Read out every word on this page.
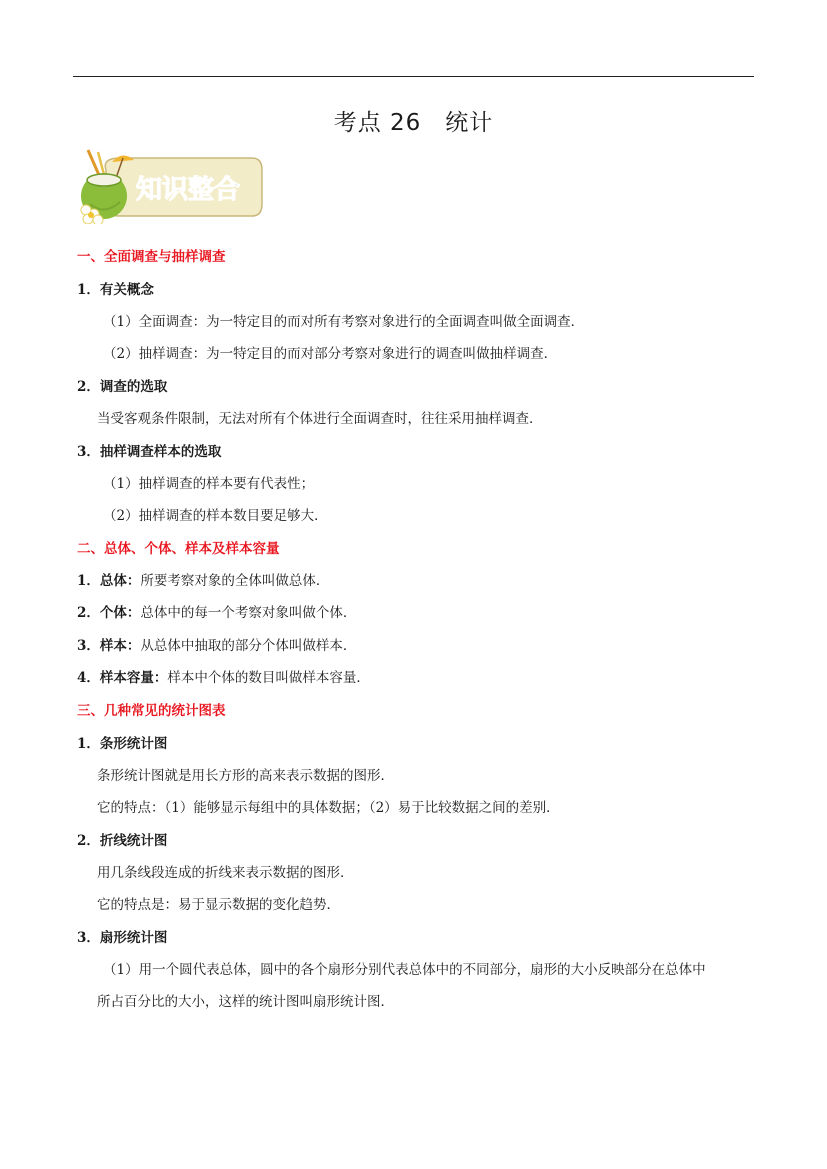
考点 26　统计
知识整合
一、全面调查与抽样调查
1．有关概念
（1）全面调查：为一特定目的而对所有考察对象进行的全面调查叫做全面调查．
（2）抽样调查：为一特定目的而对部分考察对象进行的调查叫做抽样调查．
2．调查的选取
当受客观条件限制，无法对所有个体进行全面调查时，往往采用抽样调查．
3．抽样调查样本的选取
（1）抽样调查的样本要有代表性；
（2）抽样调查的样本数目要足够大．
二、总体、个体、样本及样本容量
1．总体：所要考察对象的全体叫做总体．
2．个体：总体中的每一个考察对象叫做个体．
3．样本：从总体中抽取的部分个体叫做样本．
4．样本容量：样本中个体的数目叫做样本容量．
三、几种常见的统计图表
1．条形统计图
条形统计图就是用长方形的高来表示数据的图形．
它的特点：（1）能够显示每组中的具体数据；（2）易于比较数据之间的差别．
2．折线统计图
用几条线段连成的折线来表示数据的图形．
它的特点是：易于显示数据的变化趋势．
3．扇形统计图
（1）用一个圆代表总体，圆中的各个扇形分别代表总体中的不同部分，扇形的大小反映部分在总体中
所占百分比的大小，这样的统计图叫扇形统计图．
